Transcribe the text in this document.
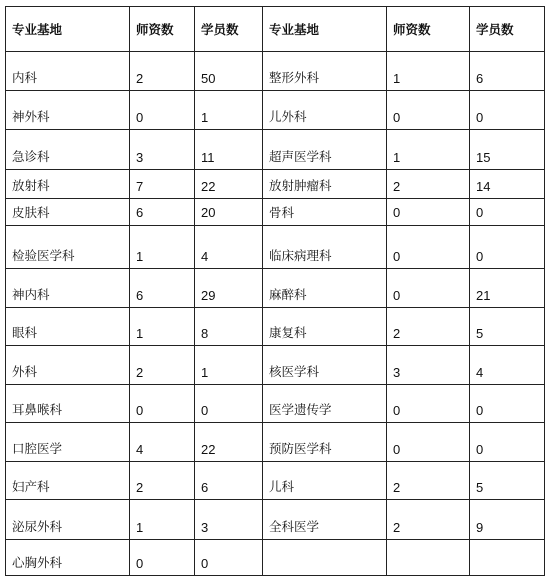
专业基地	师资数	学员数	专业基地	师资数	学员数
内科	2	50	整形外科	1	6
神外科	0	1	儿外科	0	0
急诊科	3	11	超声医学科	1	15
放射科	7	22	放射肿瘤科	2	14
皮肤科	6	20	骨科	0	0
检验医学科	1	4	临床病理科	0	0
神内科	6	29	麻醉科	0	21
眼科	1	8	康复科	2	5
外科	2	1	核医学科	3	4
耳鼻喉科	0	0	医学遗传学	0	0
口腔医学	4	22	预防医学科	0	0
妇产科	2	6	儿科	2	5
泌尿外科	1	3	全科医学	2	9
心胸外科	0	0			
